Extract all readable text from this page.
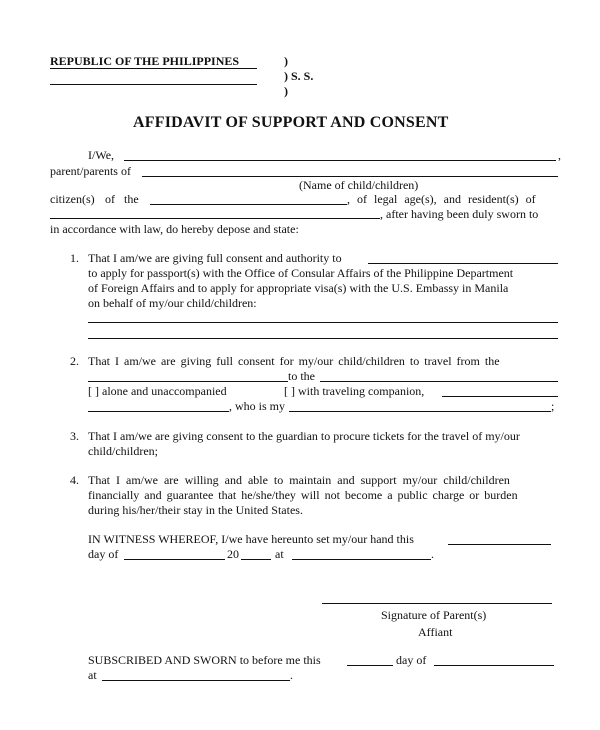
REPUBLIC OF THE PHILIPPINES	)
) S. S.
)
AFFIDAVIT OF SUPPORT AND CONSENT
I/We,	,
parent/parents of
(Name of child/children)
citizen(s) of the	, of legal age(s), and resident(s) of
, after having been duly sworn to
in accordance with law, do hereby depose and state:
1. That I am/we are giving full consent and authority to
to apply for passport(s) with the Office of Consular Affairs of the Philippine Department
of Foreign Affairs and to apply for appropriate visa(s) with the U.S. Embassy in Manila
on behalf of my/our child/children:
2. That I am/we are giving full consent for my/our child/children to travel from the
to the
[ ] alone and unaccompanied	[ ] with traveling companion,
, who is my	;
3. That I am/we are giving consent to the guardian to procure tickets for the travel of my/our
child/children;
4. That I am/we are willing and able to maintain and support my/our child/children
financially and guarantee that he/she/they will not become a public charge or burden
during his/her/their stay in the United States.
IN WITNESS WHEREOF, I/we have hereunto set my/our hand this
day of	20	at	.
Signature of Parent(s)
Affiant
SUBSCRIBED AND SWORN to before me this	day of
at	.
